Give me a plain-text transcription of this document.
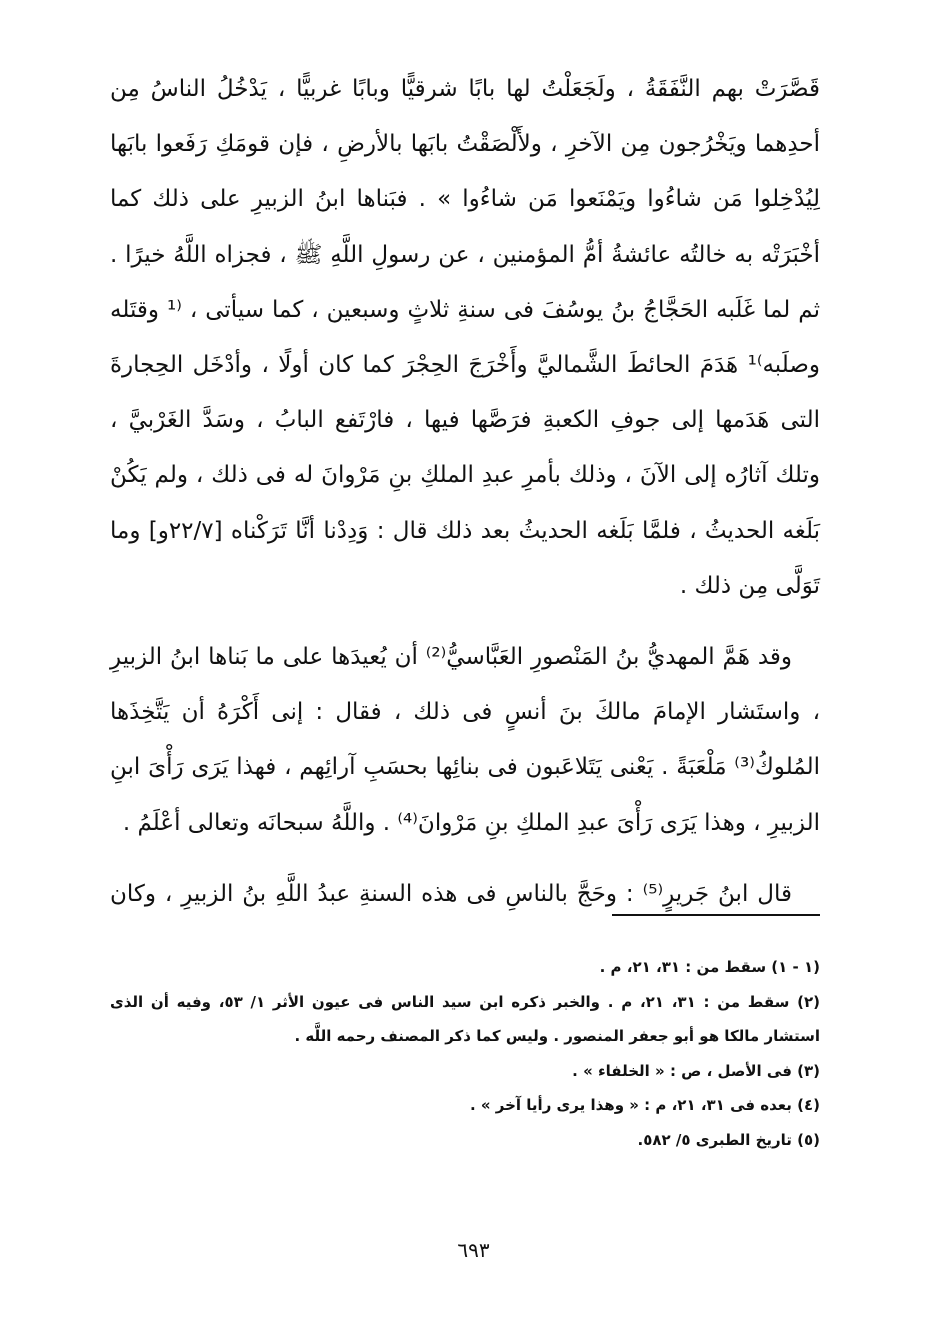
قَصَّرَتْ بهم النَّفَقَةُ ، ولَجَعَلْتُ لها بابًا شرقيًّا وبابًا غربيًّا ، يَدْخُلُ الناسُ مِن أحدِهما ويَخْرُجون مِن الآخرِ ، ولأَلْصَقْتُ بابَها بالأرضِ ، فإن قومَكِ رَفَعوا بابَها لِيُدْخِلوا مَن شاءُوا ويَمْنَعوا مَن شاءُوا » . فبَناها ابنُ الزبيرِ على ذلك كما أخْبَرَتْه به خالتُه عائشةُ أمُّ المؤمنين ، عن رسولِ اللَّهِ ﷺ ، فجزاه اللَّهُ خيرًا . ثم لما غَلَبه الحَجَّاجُ بنُ يوسُفَ فى سنةِ ثلاثٍ وسبعين ، كما سيأتى ، ⁽¹ وقتَله وصلَبه⁾¹ هَدَمَ الحائطَ الشَّماليَّ وأَخْرَجَ الحِجْرَ كما كان أولًا ، وأدْخَل الحِجارةَ التى هَدَمها إلى جوفِ الكعبةِ فرَصَّها فيها ، فارْتَفع البابُ ، وسَدَّ الغَرْبيَّ ، وتلك آثارُه إلى الآنَ ، وذلك بأمرِ عبدِ الملكِ بنِ مَرْوانَ له فى ذلك ، ولم يَكُنْ بَلَغه الحديثُ ، فلمَّا بَلَغه الحديثُ بعد ذلك قال : وَدِدْنا أنَّا تَرَكْناه [٢٢/٧و] وما تَوَلَّى مِن ذلك .

وقد هَمَّ المهديُّ بنُ المَنْصورِ العَبَّاسيُّ⁽²⁾ أن يُعيدَها على ما بَناها ابنُ الزبيرِ ، واستَشار الإمامَ مالكَ بنَ أنسٍ فى ذلك ، فقال : إنى أَكْرَهُ أن يَتَّخِذَها المُلوكُ⁽³⁾ مَلْعَبَةً . يَعْنى يَتَلاعَبون فى بنائِها بحسَبِ آرائِهم ، فهذا يَرَى رَأْىَ ابنِ الزبيرِ ، وهذا يَرَى رَأْىَ عبدِ الملكِ بنِ مَرْوانَ⁽⁴⁾ . واللَّهُ سبحانَه وتعالى أعْلَمُ .

قال ابنُ جَريرٍ⁽⁵⁾ : وحَجَّ بالناسِ فى هذه السنةِ عبدُ اللَّهِ بنُ الزبيرِ ، وكان

(١ - ١) سقط من : ٣١، ٢١، م .

(٢) سقط من : ٣١، ٢١، م . والخبر ذكره ابن سيد الناس فى عيون الأثر ١/ ٥٣، وفيه أن الذى استشار مالكا هو أبو جعفر المنصور . وليس كما ذكر المصنف رحمه اللَّه .

(٣) فى الأصل ، ص : « الخلفاء » .

(٤) بعده فى ٣١، ٢١، م : « وهذا يرى رأيا آخر » .

(٥) تاريخ الطبرى ٥/ ٥٨٢.

٦٩٣
